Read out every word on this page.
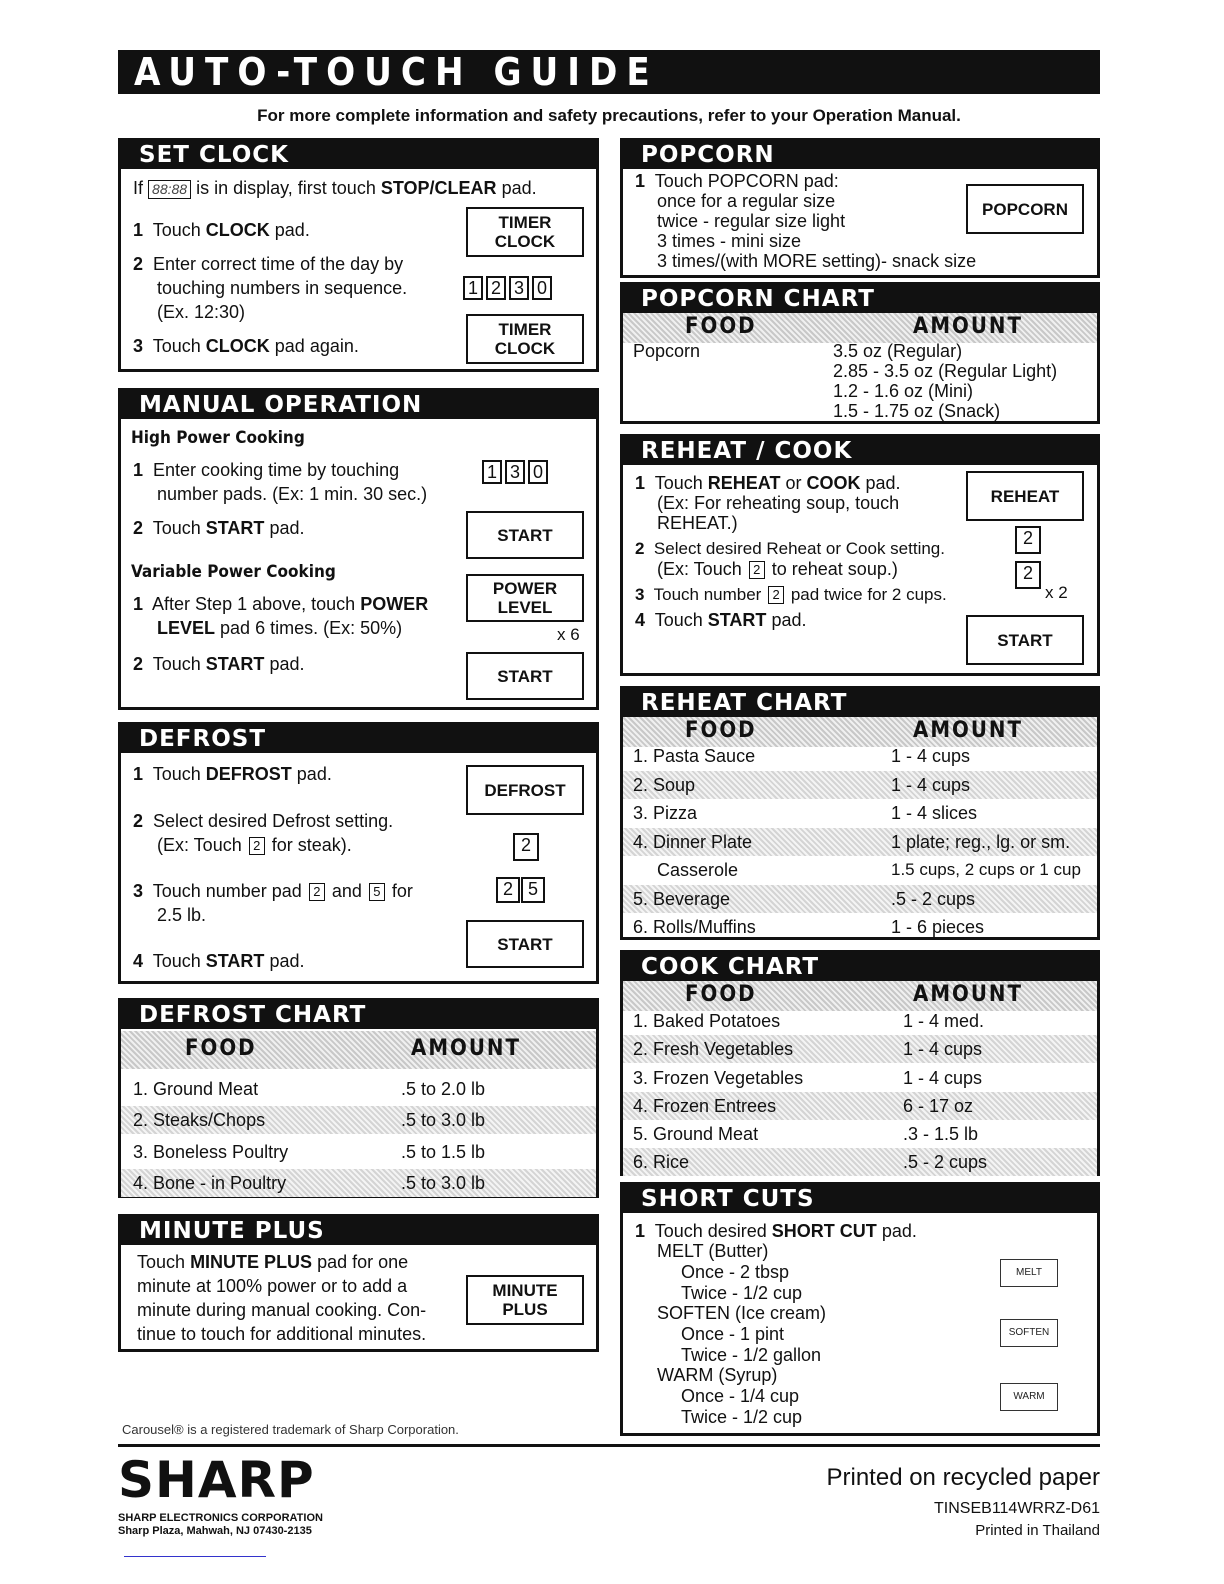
AUTO-TOUCH GUIDE
For more complete information and safety precautions, refer to your Operation Manual.
SET CLOCK
If 88:88 is in display, first touch STOP/CLEAR pad.
1 Touch CLOCK pad.
2 Enter correct time of the day by
touching numbers in sequence.
(Ex. 12:30)
3 Touch CLOCK pad again.
TIMER
CLOCK
1 2 3 0
TIMER
CLOCK
MANUAL OPERATION
High Power Cooking
1 Enter cooking time by touching
number pads. (Ex: 1 min. 30 sec.)
2 Touch START pad.
Variable Power Cooking
1 After Step 1 above, touch POWER
LEVEL pad 6 times. (Ex: 50%)
2 Touch START pad.
1 3 0
START
POWER
LEVEL
x 6
START
DEFROST
1 Touch DEFROST pad.
2 Select desired Defrost setting.
(Ex: Touch 2 for steak).
3 Touch number pad 2 and 5 for
2.5 lb.
4 Touch START pad.
DEFROST
2
2 5
START
DEFROST CHART
FOOD	AMOUNT
1. Ground Meat	.5 to 2.0 lb
2. Steaks/Chops	.5 to 3.0 lb
3. Boneless Poultry	.5 to 1.5 lb
4. Bone - in Poultry	.5 to 3.0 lb
MINUTE PLUS
Touch MINUTE PLUS pad for one
minute at 100% power or to add a
minute during manual cooking. Con-
tinue to touch for additional minutes.
MINUTE
PLUS
Carousel® is a registered trademark of Sharp Corporation.
POPCORN
1 Touch POPCORN pad:
once for a regular size
twice - regular size light
3 times - mini size
3 times/(with MORE setting)- snack size
POPCORN
POPCORN CHART
FOOD	AMOUNT
Popcorn	3.5 oz (Regular)
2.85 - 3.5 oz (Regular Light)
1.2 - 1.6 oz (Mini)
1.5 - 1.75 oz (Snack)
REHEAT / COOK
1 Touch REHEAT or COOK pad.
(Ex: For reheating soup, touch
REHEAT.)
2 Select desired Reheat or Cook setting.
(Ex: Touch 2 to reheat soup.)
3 Touch number 2 pad twice for 2 cups.
4 Touch START pad.
REHEAT
2
2
x 2
START
REHEAT CHART
FOOD	AMOUNT
1. Pasta Sauce	1 - 4 cups
2. Soup	1 - 4 cups
3. Pizza	1 - 4 slices
4. Dinner Plate	1 plate; reg., lg. or sm.
Casserole	1.5 cups, 2 cups or 1 cup
5. Beverage	.5 - 2 cups
6. Rolls/Muffins	1 - 6 pieces
COOK CHART
FOOD	AMOUNT
1. Baked Potatoes	1 - 4 med.
2. Fresh Vegetables	1 - 4 cups
3. Frozen Vegetables	1 - 4 cups
4. Frozen Entrees	6 - 17 oz
5. Ground Meat	.3 - 1.5 lb
6. Rice	.5 - 2 cups
SHORT CUTS
1 Touch desired SHORT CUT pad.
MELT (Butter)
Once - 2 tbsp
Twice - 1/2 cup
SOFTEN (Ice cream)
Once - 1 pint
Twice - 1/2 gallon
WARM (Syrup)
Once - 1/4 cup
Twice - 1/2 cup
MELT
SOFTEN
WARM
SHARP
SHARP ELECTRONICS CORPORATION
Sharp Plaza, Mahwah, NJ 07430-2135
Printed on recycled paper
TINSEB114WRRZ-D61
Printed in Thailand
